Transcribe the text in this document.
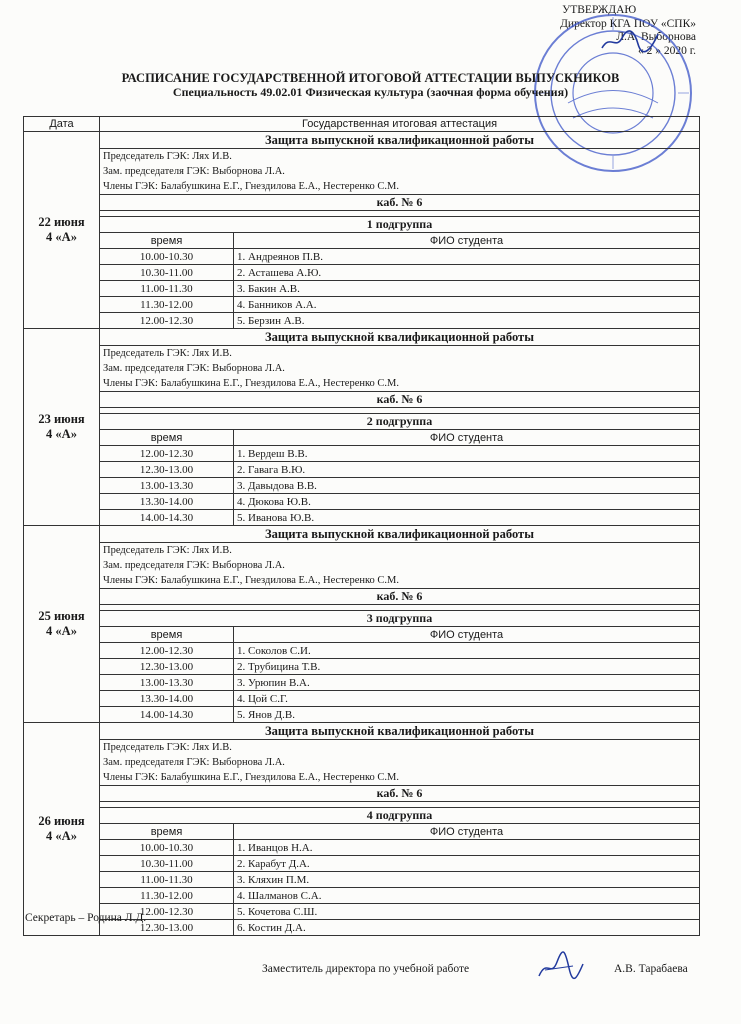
УТВЕРЖДАЮ
Директор КГА ПОУ «СПК»
Л.А. Выборнова
« 2 » 2020 г.
РАСПИСАНИЕ ГОСУДАРСТВЕННОЙ ИТОГОВОЙ АТТЕСТАЦИИ ВЫПУСКНИКОВ
Специальность 49.02.01 Физическая культура (заочная форма обучения)
Дата	Государственная итоговая аттестация	

22 июня
4 «А»	Защита выпускной квалификационной работы	

	Председатель ГЭК: Лях И.В.
Зам. председателя ГЭК: Выборнова Л.А.
Члены ГЭК: Балабушкина Е.Г., Гнездилова Е.А., Нестеренко С.М.	

	каб. № 6	

	1 подгруппа	
	время	ФИО студента
	10.00-10.30	1. Андреянов П.В.
	10.30-11.00	2. Асташева А.Ю.
	11.00-11.30	3. Бакин А.В.
	11.30-12.00	4. Банников А.А.
	12.00-12.30	5. Берзин А.В.

23 июня
4 «А»	Защита выпускной квалификационной работы	

	Председатель ГЭК: Лях И.В.
Зам. председателя ГЭК: Выборнова Л.А.
Члены ГЭК: Балабушкина Е.Г., Гнездилова Е.А., Нестеренко С.М.	

	каб. № 6	

	2 подгруппа	
	время	ФИО студента
	12.00-12.30	1. Вердеш В.В.
	12.30-13.00	2. Гавага В.Ю.
	13.00-13.30	3. Давыдова В.В.
	13.30-14.00	4. Дюкова Ю.В.
	14.00-14.30	5. Иванова Ю.В.

25 июня
4 «А»	Защита выпускной квалификационной работы	

	Председатель ГЭК: Лях И.В.
Зам. председателя ГЭК: Выборнова Л.А.
Члены ГЭК: Балабушкина Е.Г., Гнездилова Е.А., Нестеренко С.М.	

	каб. № 6	

	3 подгруппа	
	время	ФИО студента
	12.00-12.30	1. Соколов С.И.
	12.30-13.00	2. Трубицина Т.В.
	13.00-13.30	3. Урюпин В.А.
	13.30-14.00	4. Цой С.Г.
	14.00-14.30	5. Янов Д.В.

26 июня
4 «А»	Защита выпускной квалификационной работы	

	Председатель ГЭК: Лях И.В.
Зам. председателя ГЭК: Выборнова Л.А.
Члены ГЭК: Балабушкина Е.Г., Гнездилова Е.А., Нестеренко С.М.	

	каб. № 6	

	4 подгруппа	
	время	ФИО студента
	10.00-10.30	1. Иванцов Н.А.
	10.30-11.00	2. Карабут Д.А.
	11.00-11.30	3. Кляхин П.М.
	11.30-12.00	4. Шалманов С.А.
	12.00-12.30	5. Кочетова С.Ш.
	12.30-13.00	6. Костин Д.А.
Секретарь – Родина Л.Д.
Заместитель директора по учебной работе	А.В. Тарабаева
